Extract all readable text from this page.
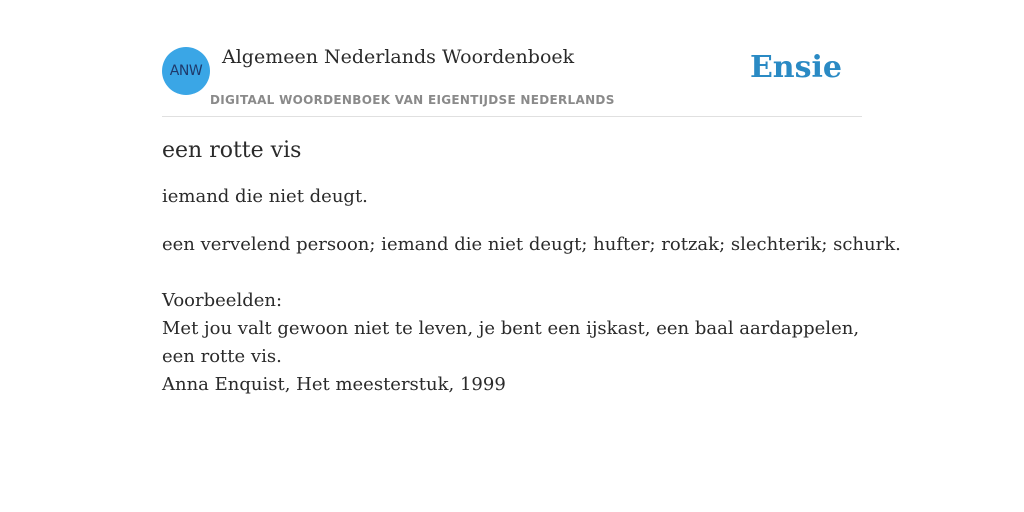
ANW
Algemeen Nederlands Woordenboek
DIGITAAL WOORDENBOEK VAN EIGENTIJDSE NEDERLANDS
Ensie
een rotte vis

iemand die niet deugt.

een vervelend persoon; iemand die niet deugt; hufter; rotzak; slechterik; schurk.

Voorbeelden:
Met jou valt gewoon niet te leven, je bent een ijskast, een baal aardappelen, een rotte vis.
Anna Enquist, Het meesterstuk, 1999
